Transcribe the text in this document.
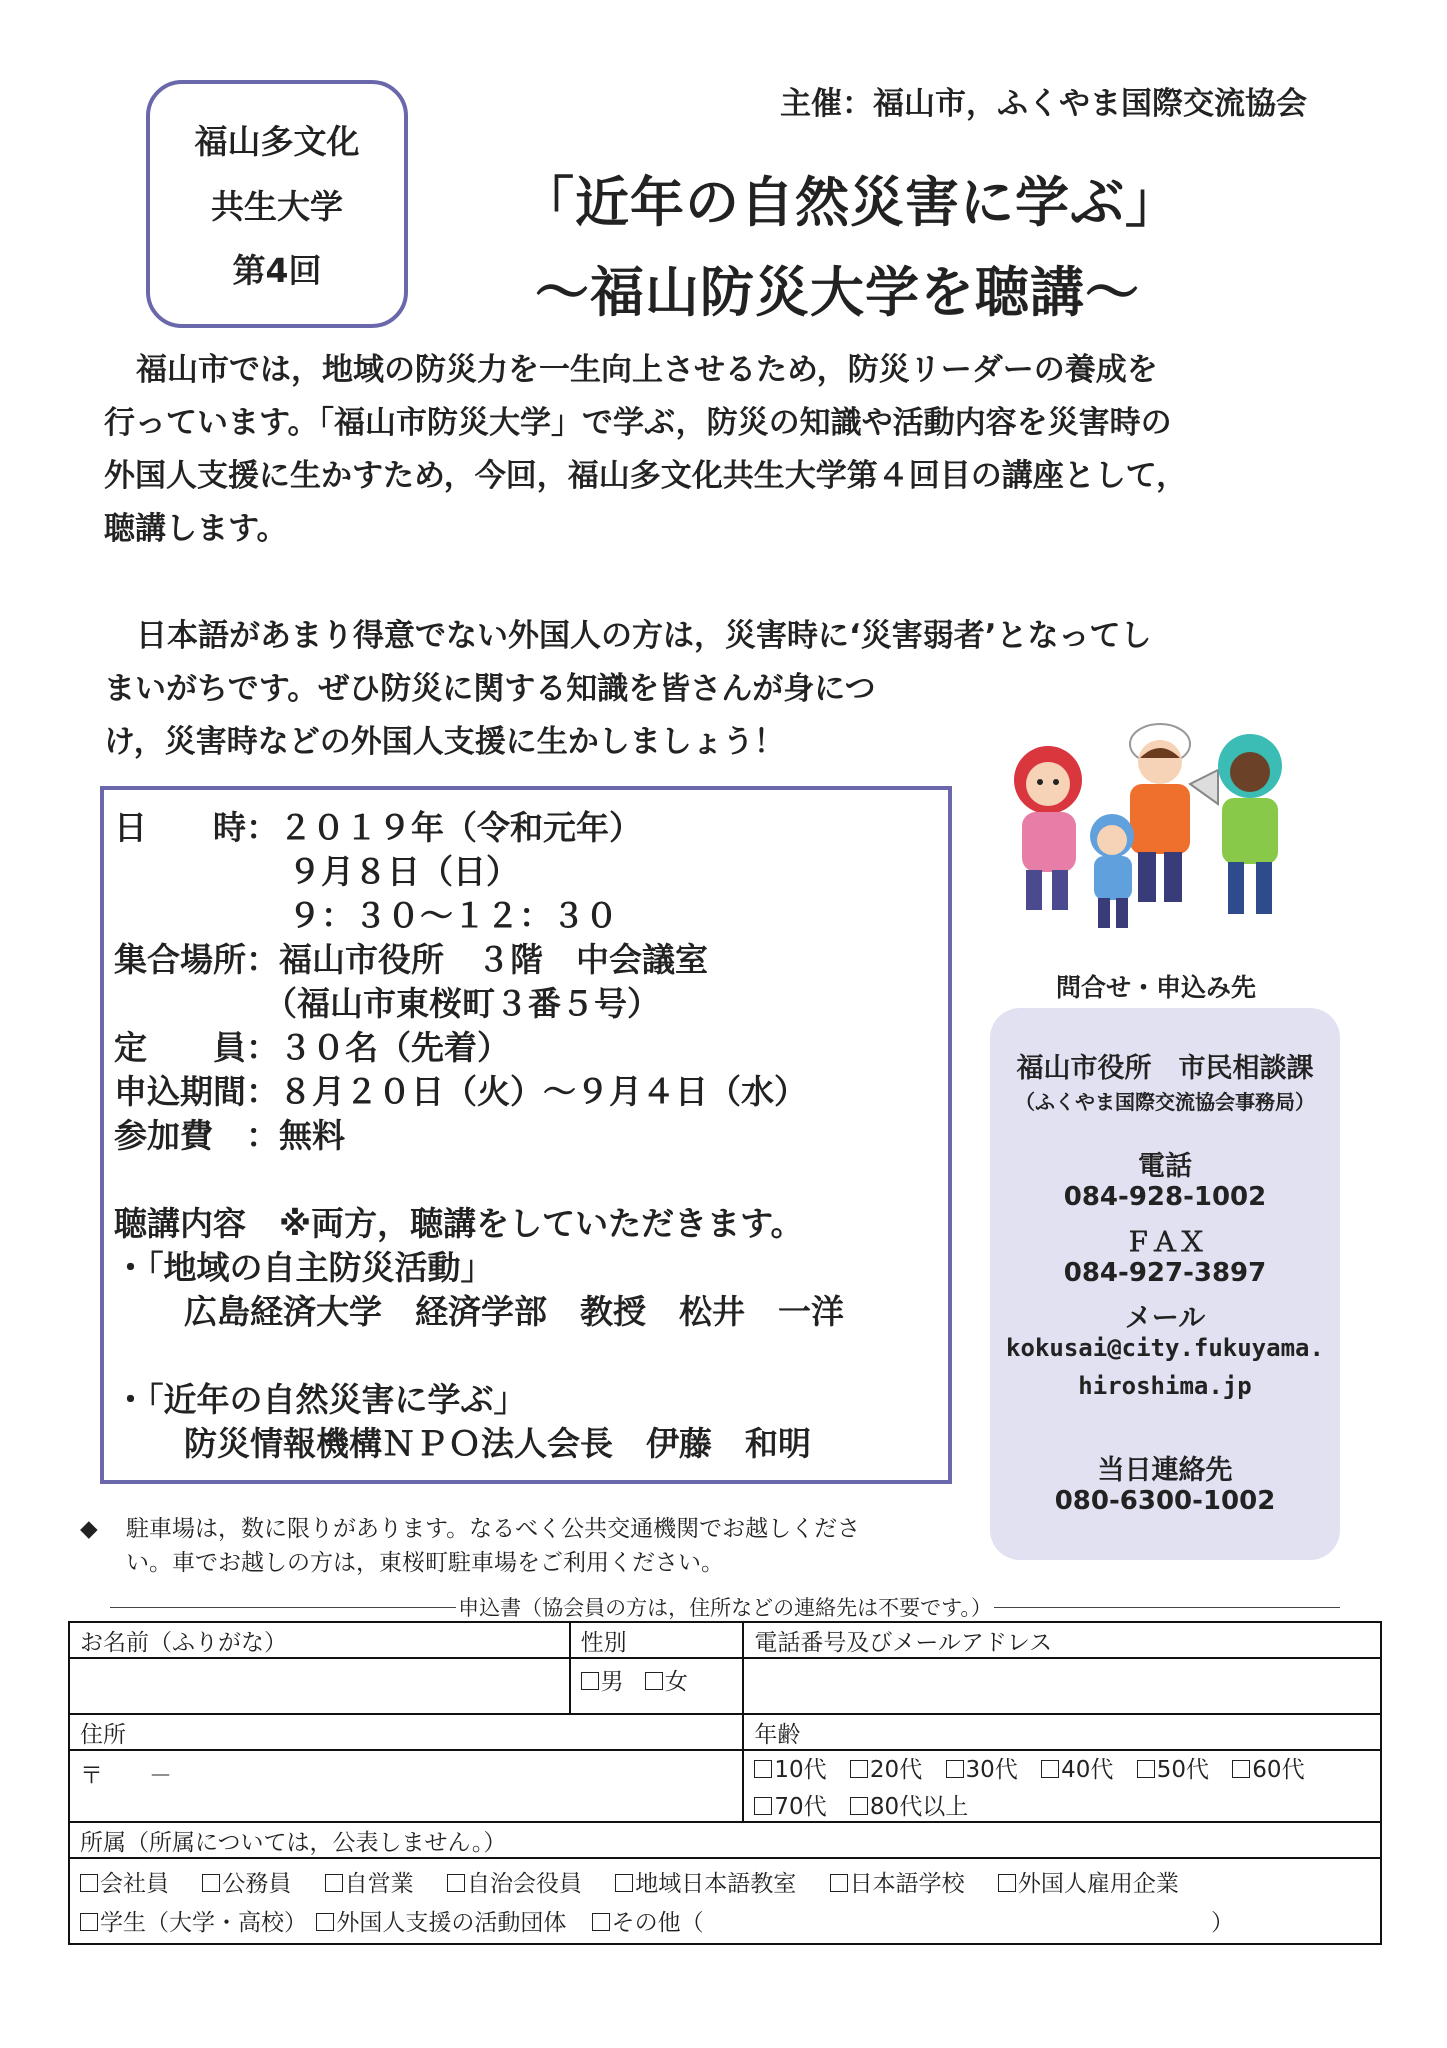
福山多文化
共生大学
第4回
主催：福山市，ふくやま国際交流協会
「近年の自然災害に学ぶ」
～福山防災大学を聴講～
福山市では，地域の防災力を一生向上させるため，防災リーダーの養成を
行っています。「福山市防災大学」で学ぶ，防災の知識や活動内容を災害時の
外国人支援に生かすため，今回，福山多文化共生大学第４回目の講座として，
聴講します。
日本語があまり得意でない外国人の方は，災害時に‘災害弱者’となってし
まいがちです。ぜひ防災に関する知識を皆さんが身につ
け，災害時などの外国人支援に生かしましょう！
日　　時：２０１９年（令和元年）
９月８日（日）
９：３０～１２：３０
集合場所：福山市役所　３階　中会議室
（福山市東桜町３番５号）
定　　員：３０名（先着）
申込期間：８月２０日（火）～９月４日（水）
参加費　：無料
聴講内容　※両方，聴講をしていただきます。
・「地域の自主防災活動」
広島経済大学　経済学部　教授　松井　一洋
・「近年の自然災害に学ぶ」
防災情報機構ＮＰＯ法人会長　伊藤　和明
問合せ・申込み先
福山市役所　市民相談課
（ふくやま国際交流協会事務局）
電話
084-928-1002
ＦＡＸ
084-927-3897
メール
kokusai@city.fukuyama.
hiroshima.jp
当日連絡先
080-6300-1002
◆ 駐車場は，数に限りがあります。なるべく公共交通機関でお越しくださ
い。車でお越しの方は，東桜町駐車場をご利用ください。
申込書（協会員の方は，住所などの連絡先は不要です。）
お名前（ふりがな）	性別	電話番号及びメールアドレス
	男 女	
住所		年齢
〒　　－		10代 20代 30代 40代 50代 60代
70代 80代以上

所属（所属については，公表しません。）		

会社員 公務員 自営業 自治会役員 地域日本語教室 日本語学校 外国人雇用企業
学生（大学・高校） 外国人支援の活動団体 その他（ ）		
